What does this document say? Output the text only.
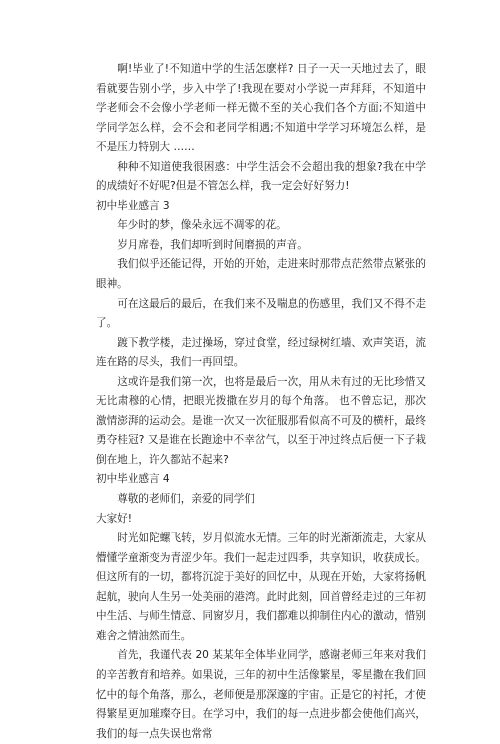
啊!毕业了!不知道中学的生活怎麽样? 日子一天一天地过去了，眼看就要告别小学，步入中学了!我现在要对小学说一声拜拜，不知道中学老师会不会像小学老师一样无微不至的关心我们各个方面;不知道中学同学怎么样，会不会和老同学相遇;不知道中学学习环境怎么样，是不是压力特别大 ……

种种不知道使我很困惑：中学生活会不会超出我的想象?我在中学的成绩好不好呢?但是不管怎么样，我一定会好好努力!

初中毕业感言 3

年少时的梦，像朵永远不凋零的花。

岁月席卷，我们却听到时间磨损的声音。

我们似乎还能记得，开始的开始，走进来时那带点茫然带点紧张的眼神。

可在这最后的最后，在我们来不及喘息的伤感里，我们又不得不走了。

踱下教学楼，走过操场，穿过食堂，经过绿树红墙、欢声笑语，流连在路的尽头，我们一再回望。

这或许是我们第一次，也将是最后一次，用从未有过的无比珍惜又无比肃穆的心情，把眼光拨撒在岁月的每个角落。 也不曾忘记，那次激情澎湃的运动会。是谁一次又一次征服那看似高不可及的横杆，最终勇夺桂冠? 又是谁在长跑途中不幸岔气，以至于冲过终点后便一下子栽倒在地上，许久都站不起来?

初中毕业感言 4

尊敬的老师们，亲爱的同学们

大家好!

时光如陀螺飞转，岁月似流水无情。三年的时光渐渐流走，大家从懵懂学童渐变为青涩少年。我们一起走过四季，共享知识，收获成长。但这所有的一切，都将沉淀于美好的回忆中，从现在开始，大家将扬帆起航，驶向人生另一处美丽的港湾。此时此刻，回首曾经走过的三年初中生活、与师生情意、同窗岁月，我们都难以抑制住内心的激动，惜别难舍之情油然而生。

首先，我谨代表 20 某某年全体毕业同学，感谢老师三年来对我们的辛苦教育和培养。如果说，三年的初中生活像繁星，零星撒在我们回忆中的每个角落，那么，老师便是那深邃的宇宙。正是它的衬托，才使得繁星更加璀璨夺目。在学习中，我们的每一点进步都会使他们高兴，我们的每一点失误也常常
